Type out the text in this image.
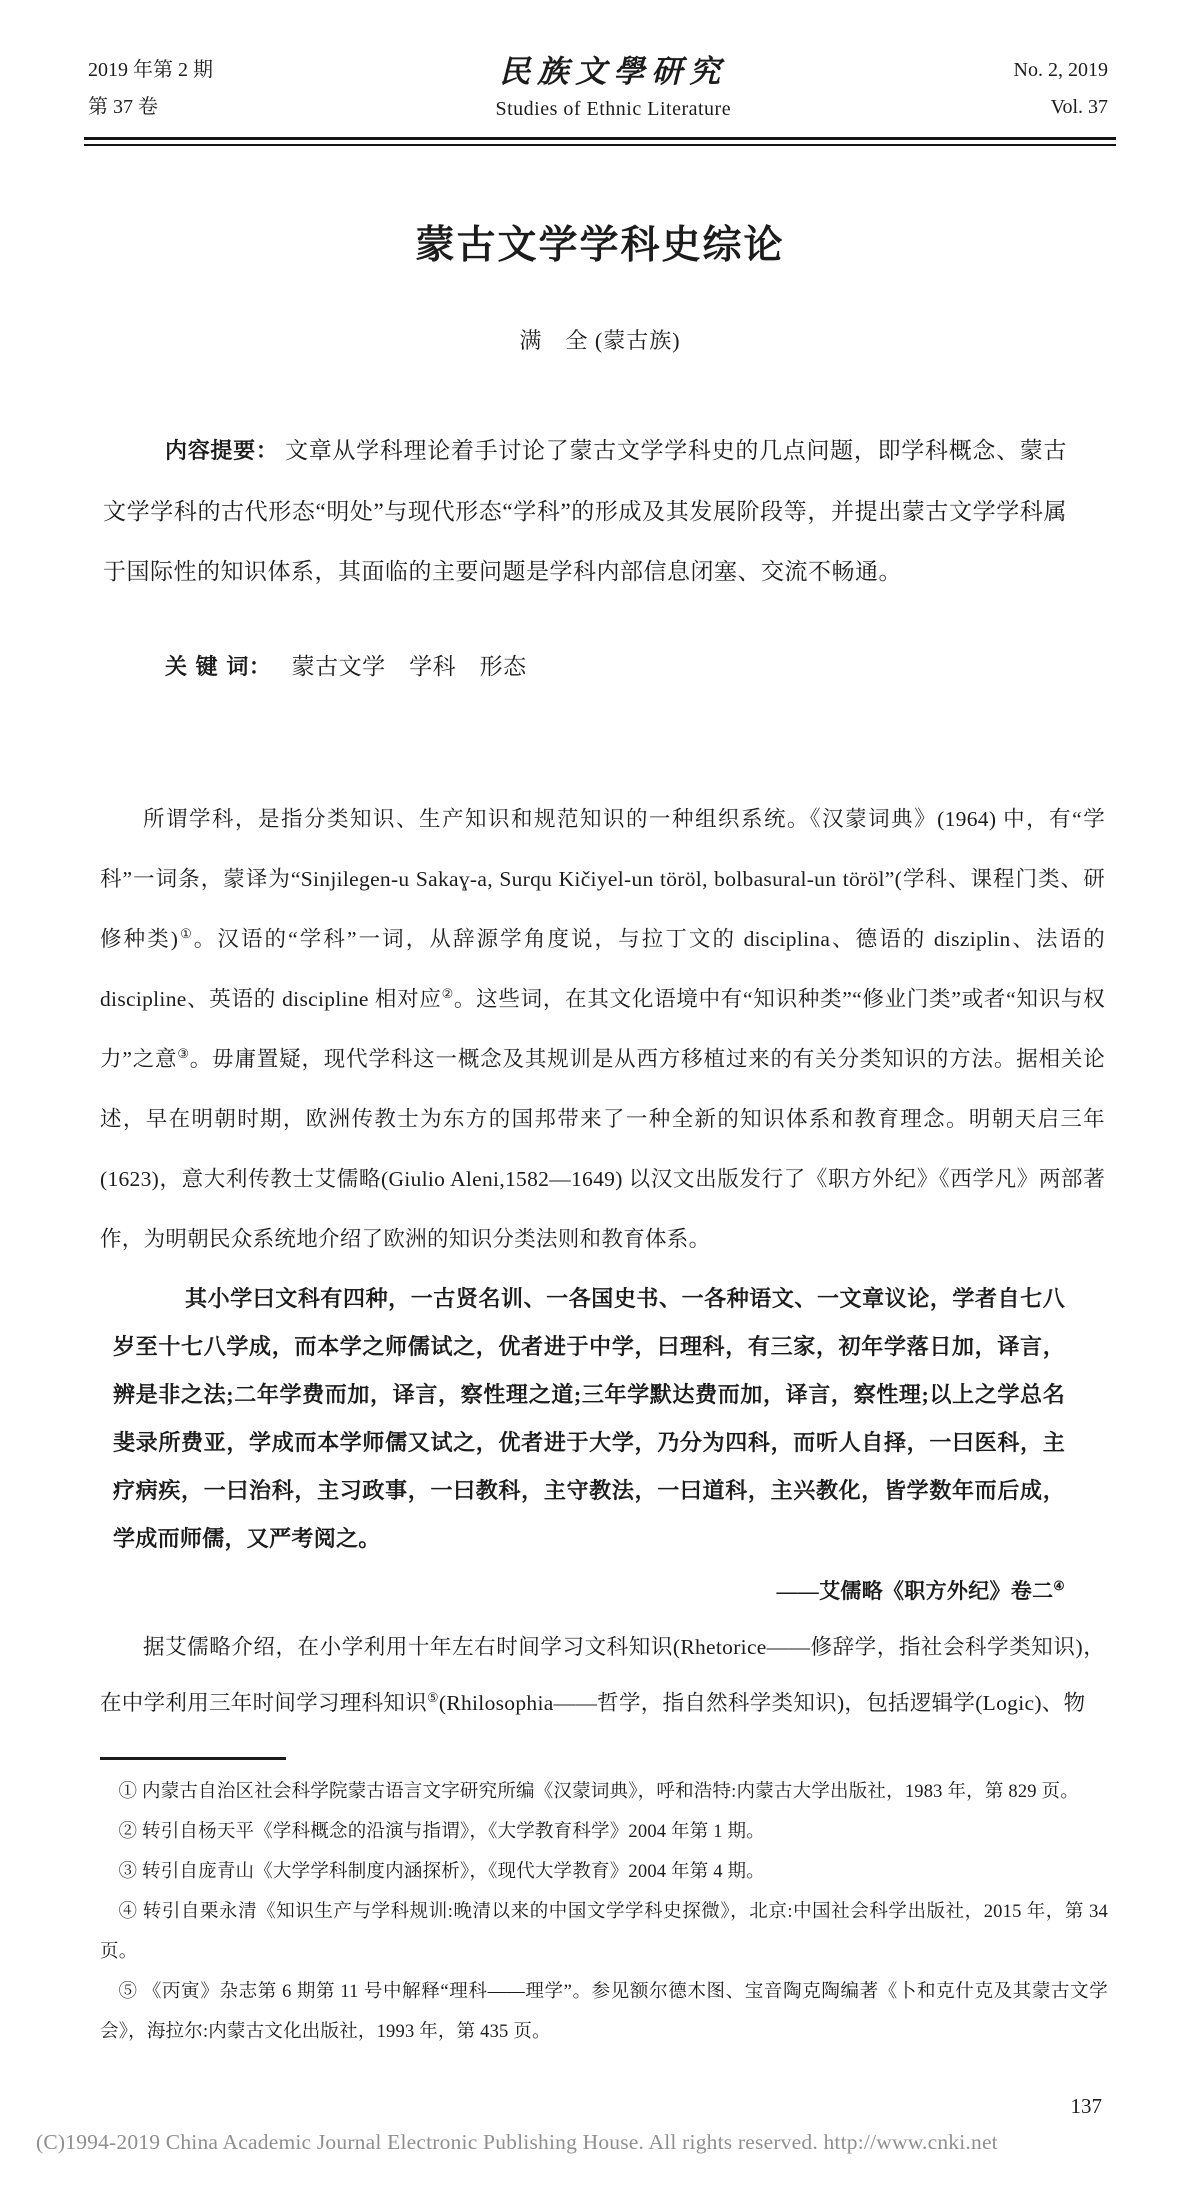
2019 年第 2 期
第 37 卷
民族文學研究
Studies of Ethnic Literature
No. 2, 2019
Vol. 37
蒙古文学学科史综论
满　全 (蒙古族)
内容提要： 文章从学科理论着手讨论了蒙古文学学科史的几点问题，即学科概念、蒙古文学学科的古代形态“明处”与现代形态“学科”的形成及其发展阶段等，并提出蒙古文学学科属于国际性的知识体系，其面临的主要问题是学科内部信息闭塞、交流不畅通。
关 键 词： 蒙古文学　学科　形态
所谓学科，是指分类知识、生产知识和规范知识的一种组织系统。《汉蒙词典》(1964) 中，有“学科”一词条，蒙译为“Sinjilegen-u Sakaɣ-a, Surqu Kičiyel-un töröl, bolbasural-un töröl”(学科、课程门类、研修种类)①。汉语的“学科”一词，从辞源学角度说，与拉丁文的 disciplina、德语的 disziplin、法语的 discipline、英语的 discipline 相对应②。这些词，在其文化语境中有“知识种类”“修业门类”或者“知识与权力”之意③。毋庸置疑，现代学科这一概念及其规训是从西方移植过来的有关分类知识的方法。据相关论述，早在明朝时期，欧洲传教士为东方的国邦带来了一种全新的知识体系和教育理念。明朝天启三年(1623)，意大利传教士艾儒略(Giulio Aleni,1582—1649) 以汉文出版发行了《职方外纪》《西学凡》两部著作，为明朝民众系统地介绍了欧洲的知识分类法则和教育体系。
其小学曰文科有四种，一古贤名训、一各国史书、一各种语文、一文章议论，学者自七八岁至十七八学成，而本学之师儒试之，优者进于中学，曰理科，有三家，初年学落日加，译言，辨是非之法;二年学费而加，译言，察性理之道;三年学默达费而加，译言，察性理;以上之学总名斐录所费亚，学成而本学师儒又试之，优者进于大学，乃分为四科，而听人自择，一曰医科，主疗病疾，一曰治科，主习政事，一曰教科，主守教法，一曰道科，主兴教化，皆学数年而后成，学成而师儒，又严考阅之。
——艾儒略《职方外纪》卷二④
据艾儒略介绍，在小学利用十年左右时间学习文科知识(Rhetorice——修辞学，指社会科学类知识)，在中学利用三年时间学习理科知识⑤(Rhilosophia——哲学，指自然科学类知识)，包括逻辑学(Logic)、物
① 内蒙古自治区社会科学院蒙古语言文字研究所编《汉蒙词典》，呼和浩特:内蒙古大学出版社，1983 年，第 829 页。
② 转引自杨天平《学科概念的沿演与指谓》，《大学教育科学》2004 年第 1 期。
③ 转引自庞青山《大学学科制度内涵探析》，《现代大学教育》2004 年第 4 期。
④ 转引自栗永清《知识生产与学科规训:晚清以来的中国文学学科史探微》，北京:中国社会科学出版社，2015 年，第 34 页。
⑤ 《丙寅》杂志第 6 期第 11 号中解释“理科——理学”。参见额尔德木图、宝音陶克陶编著《卜和克什克及其蒙古文学会》，海拉尔:内蒙古文化出版社，1993 年，第 435 页。
137
(C)1994-2019 China Academic Journal Electronic Publishing House. All rights reserved. http://www.cnki.net
